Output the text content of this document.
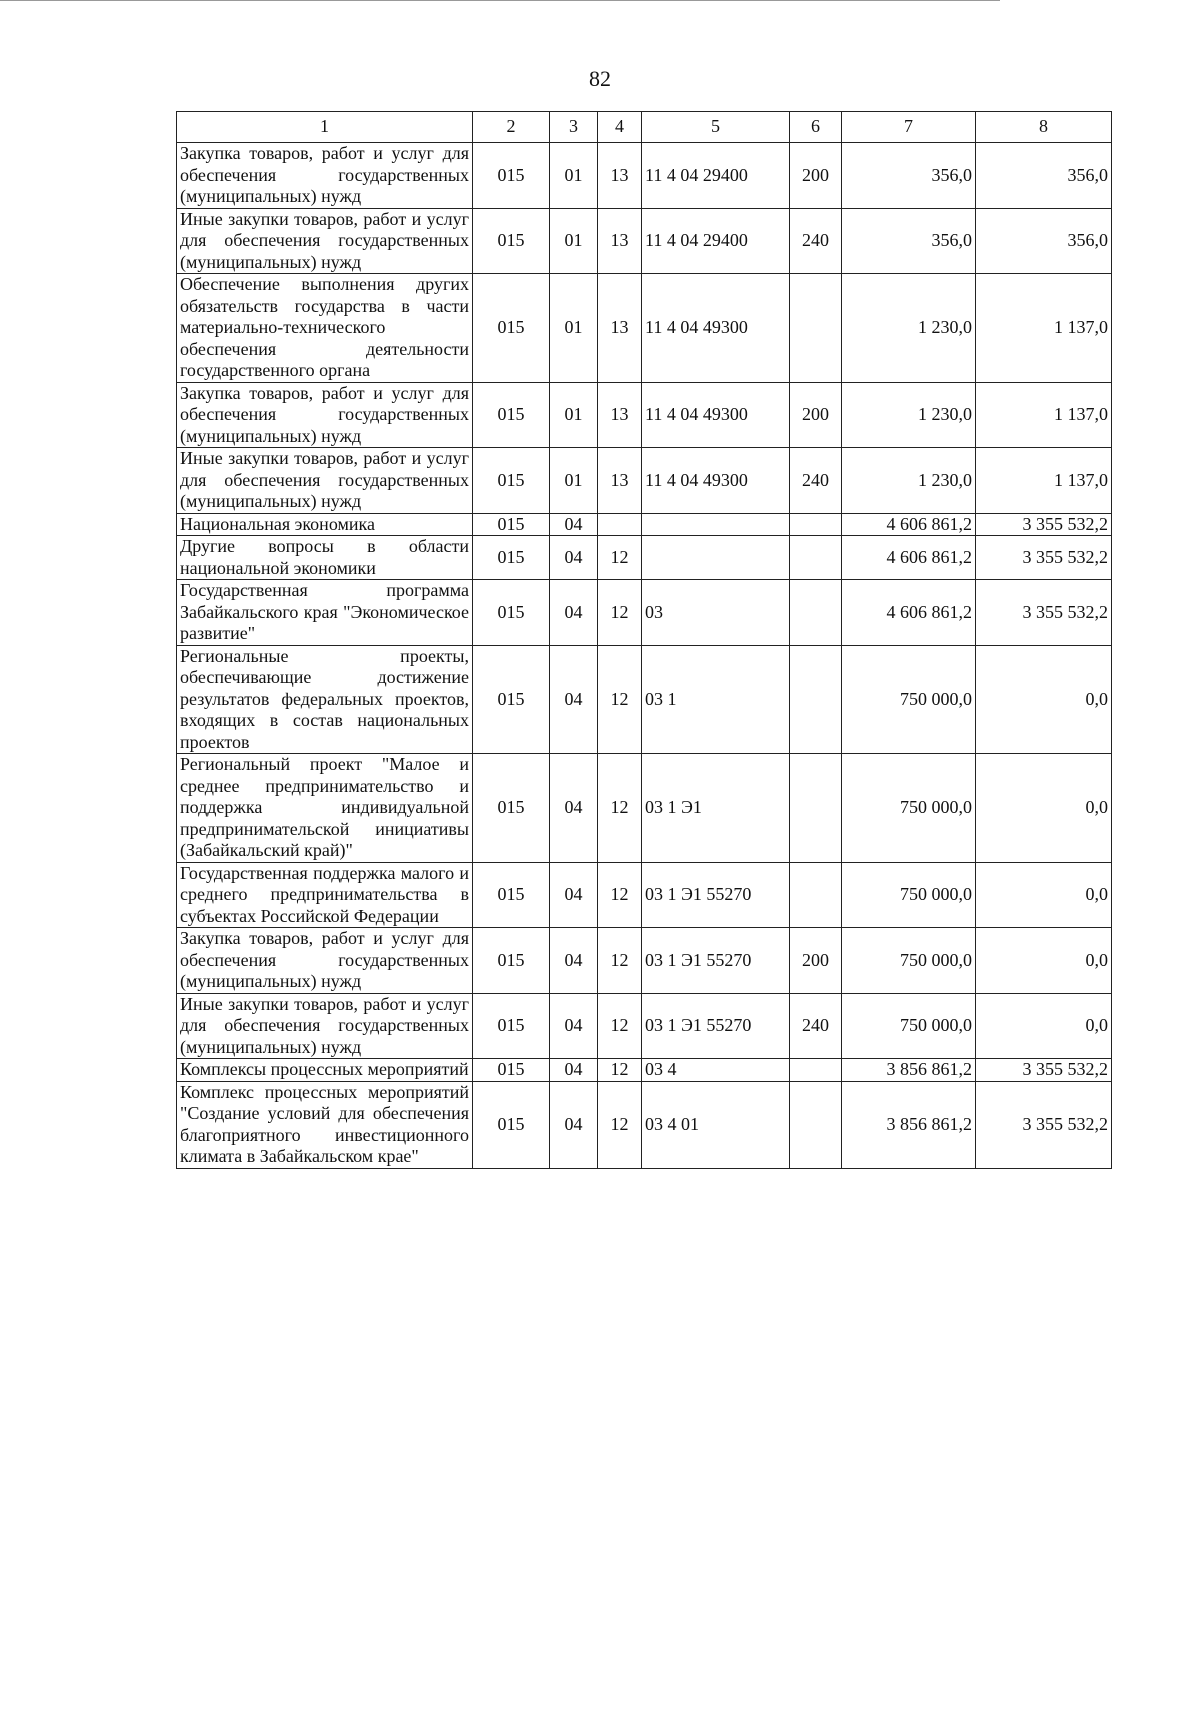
82
1	2	3	4	5	6	7	8
Закупка товаров, работ и услуг для обеспечения государственных (муниципальных) нужд	015	01	13	11 4 04 29400	200	356,0	356,0
Иные закупки товаров, работ и услуг для обеспечения государственных (муниципальных) нужд	015	01	13	11 4 04 29400	240	356,0	356,0
Обеспечение выполнения других обязательств государства в части материально-технического обеспечения деятельности государственного органа	015	01	13	11 4 04 49300		1 230,0	1 137,0
Закупка товаров, работ и услуг для обеспечения государственных (муниципальных) нужд	015	01	13	11 4 04 49300	200	1 230,0	1 137,0
Иные закупки товаров, работ и услуг для обеспечения государственных (муниципальных) нужд	015	01	13	11 4 04 49300	240	1 230,0	1 137,0
Национальная экономика	015	04				4 606 861,2	3 355 532,2
Другие вопросы в области национальной экономики	015	04	12			4 606 861,2	3 355 532,2
Государственная программа Забайкальского края "Экономическое развитие"	015	04	12	03		4 606 861,2	3 355 532,2
Региональные проекты, обеспечивающие достижение результатов федеральных проектов, входящих в состав национальных проектов	015	04	12	03 1		750 000,0	0,0
Региональный проект "Малое и среднее предпринимательство и поддержка индивидуальной предпринимательской инициативы (Забайкальский край)"	015	04	12	03 1 Э1		750 000,0	0,0
Государственная поддержка малого и среднего предпринимательства в субъектах Российской Федерации	015	04	12	03 1 Э1 55270		750 000,0	0,0
Закупка товаров, работ и услуг для обеспечения государственных (муниципальных) нужд	015	04	12	03 1 Э1 55270	200	750 000,0	0,0
Иные закупки товаров, работ и услуг для обеспечения государственных (муниципальных) нужд	015	04	12	03 1 Э1 55270	240	750 000,0	0,0
Комплексы процессных мероприятий	015	04	12	03 4		3 856 861,2	3 355 532,2
Комплекс процессных мероприятий "Создание условий для обеспечения благоприятного инвестиционного климата в Забайкальском крае"	015	04	12	03 4 01		3 856 861,2	3 355 532,2
